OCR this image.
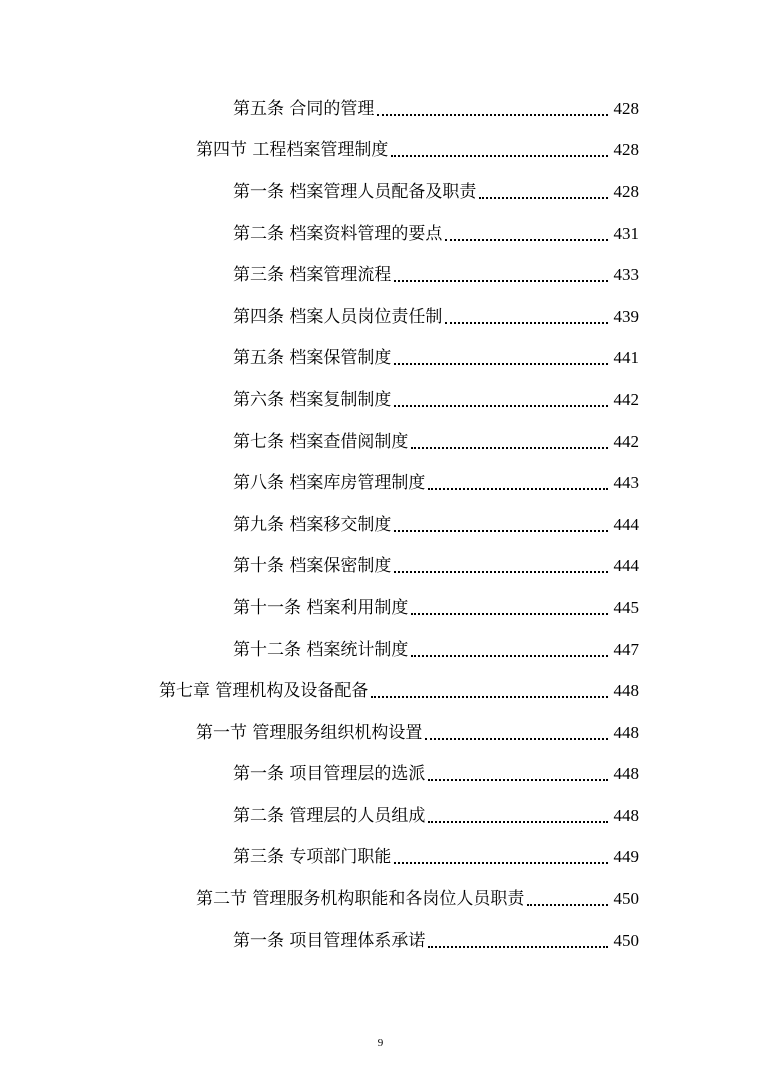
第五条 合同的管理	428
第四节 工程档案管理制度	428
第一条 档案管理人员配备及职责	428
第二条 档案资料管理的要点	431
第三条 档案管理流程	433
第四条 档案人员岗位责任制	439
第五条 档案保管制度	441
第六条 档案复制制度	442
第七条 档案查借阅制度	442
第八条 档案库房管理制度	443
第九条 档案移交制度	444
第十条 档案保密制度	444
第十一条 档案利用制度	445
第十二条 档案统计制度	447
第七章 管理机构及设备配备	448
第一节 管理服务组织机构设置	448
第一条 项目管理层的选派	448
第二条 管理层的人员组成	448
第三条 专项部门职能	449
第二节 管理服务机构职能和各岗位人员职责	450
第一条 项目管理体系承诺	450
9
